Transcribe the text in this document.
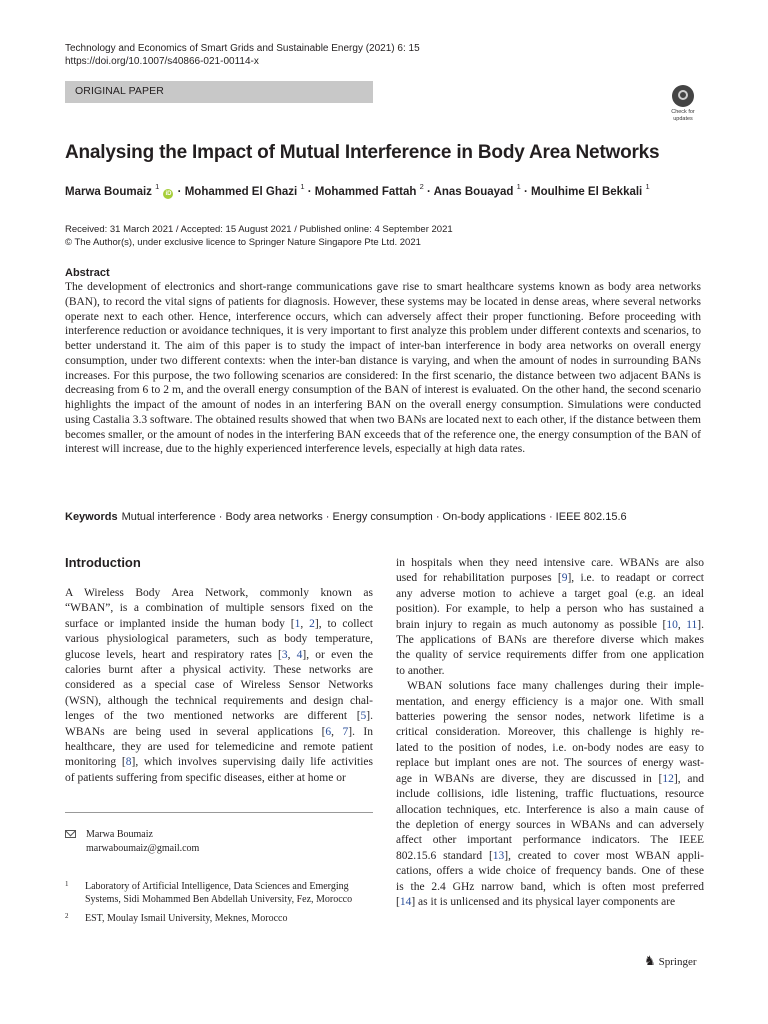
Technology and Economics of Smart Grids and Sustainable Energy (2021) 6: 15
https://doi.org/10.1007/s40866-021-00114-x
ORIGINAL PAPER
Check for
updates
Analysing the Impact of Mutual Interference in Body Area Networks
Marwa Boumaiz $^1$ iD · Mohammed El Ghazi $^1$ · Mohammed Fattah $^2$ · Anas Bouayad $^1$ · Moulhime El Bekkali $^1$
Received: 31 March 2021 / Accepted: 15 August 2021 / Published online: 4 September 2021
© The Author(s), under exclusive licence to Springer Nature Singapore Pte Ltd. 2021
Abstract
The development of electronics and short-range communications gave rise to smart healthcare systems known as body area networks (BAN), to record the vital signs of patients for diagnosis. However, these systems may be located in dense areas, where several networks operate next to each other. Hence, interference occurs, which can adversely affect their proper functioning. Before proceeding with interference reduction or avoidance techniques, it is very important to first analyze this problem under different contexts and scenarios, to better understand it. The aim of this paper is to study the impact of inter-ban interference in body area networks on overall energy consumption, under two different contexts: when the inter-ban distance is varying, and when the amount of nodes in surrounding BANs increases. For this purpose, the two following scenarios are considered: In the first scenario, the distance between two adjacent BANs is decreasing from 6 to 2 m, and the overall energy consumption of the BAN of interest is evaluated. On the other hand, the second scenario highlights the impact of the amount of nodes in an interfering BAN on the overall energy consumption. Simulations were conducted using Castalia 3.3 software. The obtained results showed that when two BANs are located next to each other, if the distance between them becomes smaller, or the amount of nodes in the interfering BAN exceeds that of the reference one, the energy consumption of the BAN of interest will increase, due to the highly experienced interference levels, especially at high data rates.
Keywords Mutual interference · Body area networks · Energy consumption · On-body applications · IEEE 802.15.6
Introduction
A Wireless Body Area Network, commonly known as
“WBAN”, is a combination of multiple sensors fixed on the
surface or implanted inside the human body [1, 2], to collect
various physiological parameters, such as body temperature,
glucose levels, heart and respiratory rates [3, 4], or even the
calories burnt after a physical activity. These networks are
considered as a special case of Wireless Sensor Networks
(WSN), although the technical requirements and design chal-
lenges of the two mentioned networks are different [5].
WBANs are being used in several applications [6, 7]. In
healthcare, they are used for telemedicine and remote patient
monitoring [8], which involves supervising daily life activities
of patients suffering from specific diseases, either at home or
in hospitals when they need intensive care. WBANs are also
used for rehabilitation purposes [9], i.e. to readapt or correct
any adverse motion to achieve a target goal (e.g. an ideal
position). For example, to help a person who has sustained a
brain injury to regain as much autonomy as possible [10, 11].
The applications of BANs are therefore diverse which makes
the quality of service requirements differ from one application
to another.
WBAN solutions face many challenges during their imple-
mentation, and energy efficiency is a major one. With small
batteries powering the sensor nodes, network lifetime is a
critical consideration. Moreover, this challenge is highly re-
lated to the position of nodes, i.e. on-body nodes are easy to
replace but implant ones are not. The sources of energy wast-
age in WBANs are diverse, they are discussed in [12], and
include collisions, idle listening, traffic fluctuations, resource
allocation techniques, etc. Interference is also a main cause of
the depletion of energy sources in WBANs and can adversely
affect other important performance indicators. The IEEE
802.15.6 standard [13], created to cover most WBAN appli-
cations, offers a wide choice of frequency bands. One of these
is the 2.4 GHz narrow band, which is often most preferred
[14] as it is unlicensed and its physical layer components are
Marwa Boumaiz
marwaboumaiz@gmail.com
1 Laboratory of Artificial Intelligence, Data Sciences and Emerging
Systems, Sidi Mohammed Ben Abdellah University, Fez, Morocco
2 EST, Moulay Ismail University, Meknes, Morocco
♞ Springer
